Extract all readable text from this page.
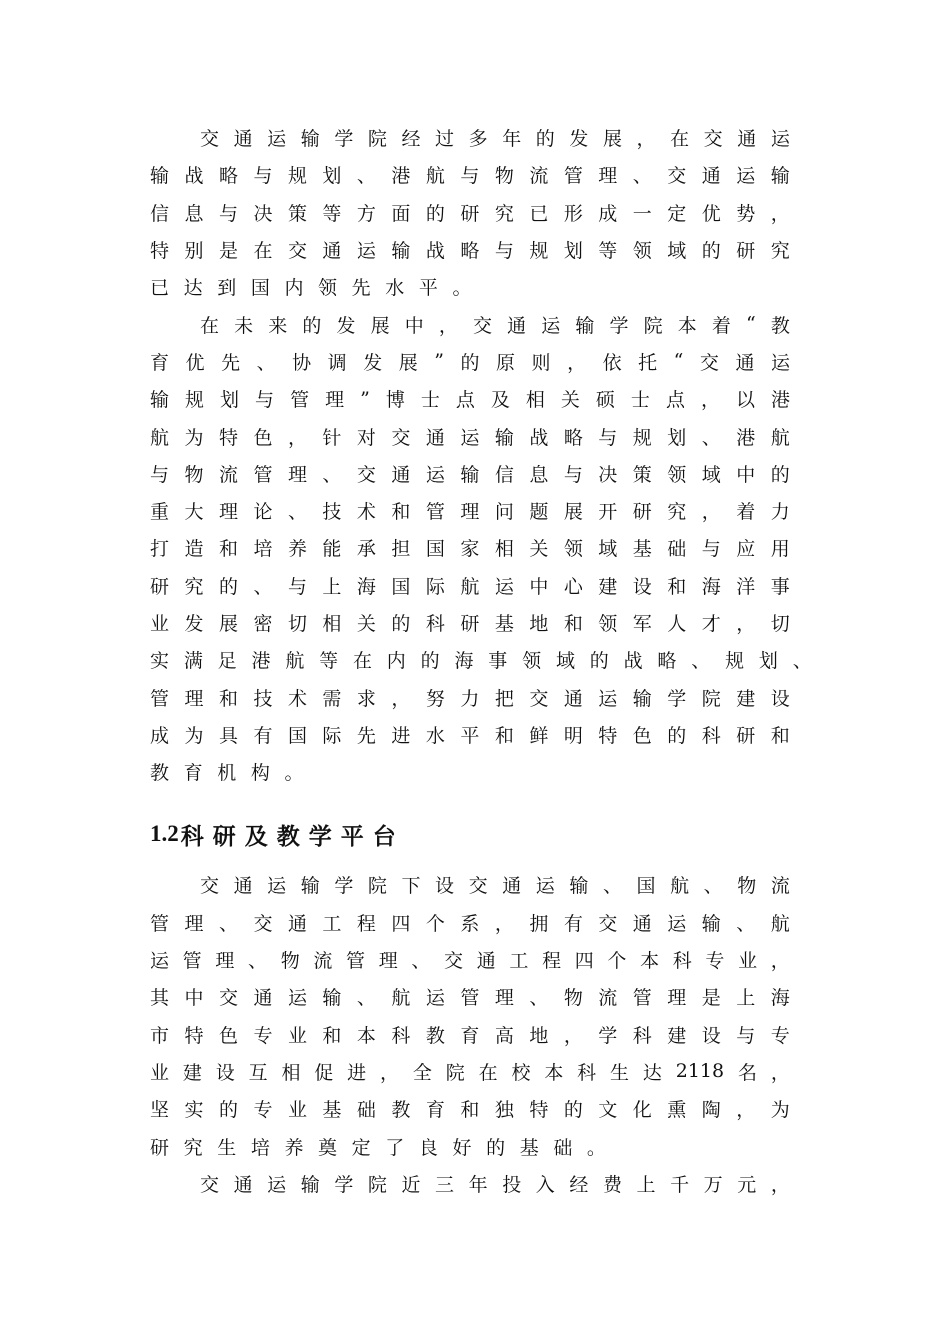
交 通 运 输 学 院 经 过 多 年 的 发 展 ， 在 交 通 运
输 战 略 与 规 划 、 港 航 与 物 流 管 理 、 交 通 运 输
信 息 与 决 策 等 方 面 的 研 究 已 形 成 一 定 优 势 ，
特 别 是 在 交 通 运 输 战 略 与 规 划 等 领 域 的 研 究
已 达 到 国 内 领 先 水 平 。
在 未 来 的 发 展 中 ， 交 通 运 输 学 院 本 着 “ 教
育 优 先 、 协 调 发 展 ” 的 原 则 ， 依 托 “ 交 通 运
输 规 划 与 管 理 ” 博 士 点 及 相 关 硕 士 点 ， 以 港
航 为 特 色 ， 针 对 交 通 运 输 战 略 与 规 划 、 港 航
与 物 流 管 理 、 交 通 运 输 信 息 与 决 策 领 域 中 的
重 大 理 论 、 技 术 和 管 理 问 题 展 开 研 究 ， 着 力
打 造 和 培 养 能 承 担 国 家 相 关 领 域 基 础 与 应 用
研 究 的 、 与 上 海 国 际 航 运 中 心 建 设 和 海 洋 事
业 发 展 密 切 相 关 的 科 研 基 地 和 领 军 人 才 ， 切
实 满 足 港 航 等 在 内 的 海 事 领 域 的 战 略 、 规 划 、
管 理 和 技 术 需 求 ， 努 力 把 交 通 运 输 学 院 建 设
成 为 具 有 国 际 先 进 水 平 和 鲜 明 特 色 的 科 研 和
教 育 机 构 。
1.2 科 研 及 教 学 平 台
交 通 运 输 学 院 下 设 交 通 运 输 、 国 航 、 物 流
管 理 、 交 通 工 程 四 个 系 ， 拥 有 交 通 运 输 、 航
运 管 理 、 物 流 管 理 、 交 通 工 程 四 个 本 科 专 业 ，
其 中 交 通 运 输 、 航 运 管 理 、 物 流 管 理 是 上 海
市 特 色 专 业 和 本 科 教 育 高 地 ， 学 科 建 设 与 专
业 建 设 互 相 促 进 ， 全 院 在 校 本 科 生 达 2118 名 ，
坚 实 的 专 业 基 础 教 育 和 独 特 的 文 化 熏 陶 ， 为
研 究 生 培 养 奠 定 了 良 好 的 基 础 。
交 通 运 输 学 院 近 三 年 投 入 经 费 上 千 万 元 ，
